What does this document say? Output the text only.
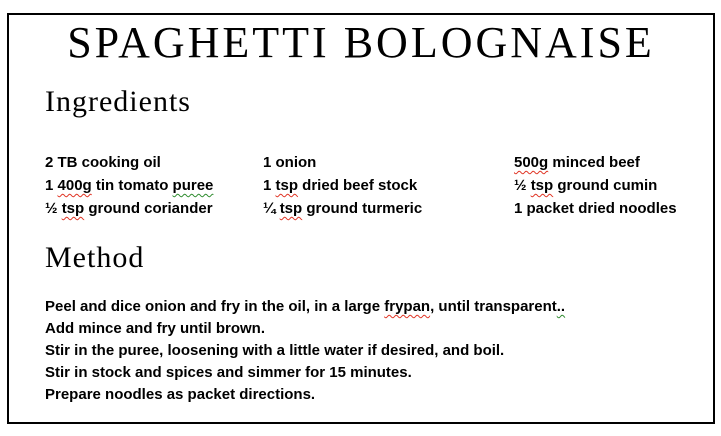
SPAGHETTI BOLOGNAISE
Ingredients
2 TB cooking oil	1 onion	500g minced beef
1 400g tin tomato puree	1 tsp dried beef stock	½ tsp ground cumin
½ tsp ground coriander	¼ tsp ground turmeric	1 packet dried noodles
Method

Peel and dice onion and fry in the oil, in a large frypan, until transparent..

Add mince and fry until brown.

Stir in the puree, loosening with a little water if desired, and boil.

Stir in stock and spices and simmer for 15 minutes.

Prepare noodles as packet directions.
